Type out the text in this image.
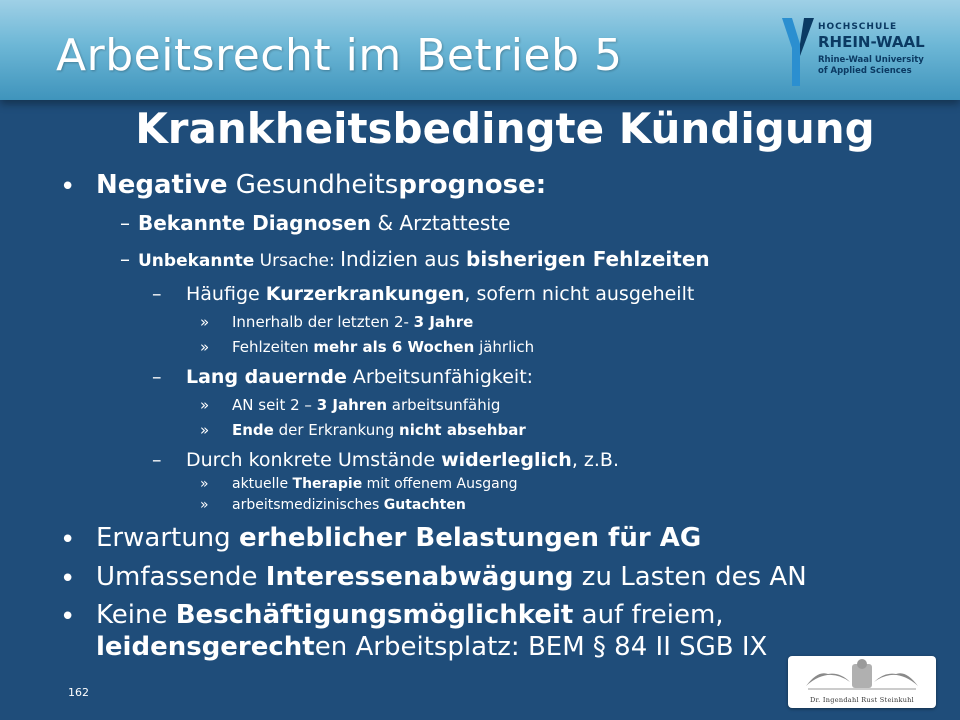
Arbeitsrecht im Betrieb 5
HOCHSCHULE
RHEIN-WAAL
Rhine-Waal University
of Applied Sciences
Krankheitsbedingte Kündigung
• Negative Gesundheitsprognose:
– Bekannte Diagnosen & Arztatteste
– Unbekannte Ursache: Indizien aus bisherigen Fehlzeiten
– Häufige Kurzerkrankungen, sofern nicht ausgeheilt
» Innerhalb der letzten 2- 3 Jahre
» Fehlzeiten mehr als 6 Wochen jährlich
– Lang dauernde Arbeitsunfähigkeit:
» AN seit 2 – 3 Jahren arbeitsunfähig
» Ende der Erkrankung nicht absehbar
– Durch konkrete Umstände widerleglich, z.B.
» aktuelle Therapie mit offenem Ausgang
» arbeitsmedizinisches Gutachten
• Erwartung erheblicher Belastungen für AG
• Umfassende Interessenabwägung zu Lasten des AN
• Keine Beschäftigungsmöglichkeit auf freiem,
leidensgerechten Arbeitsplatz: BEM § 84 II SGB IX
162
Dr. Ingendahl Rust Steinkuhl
